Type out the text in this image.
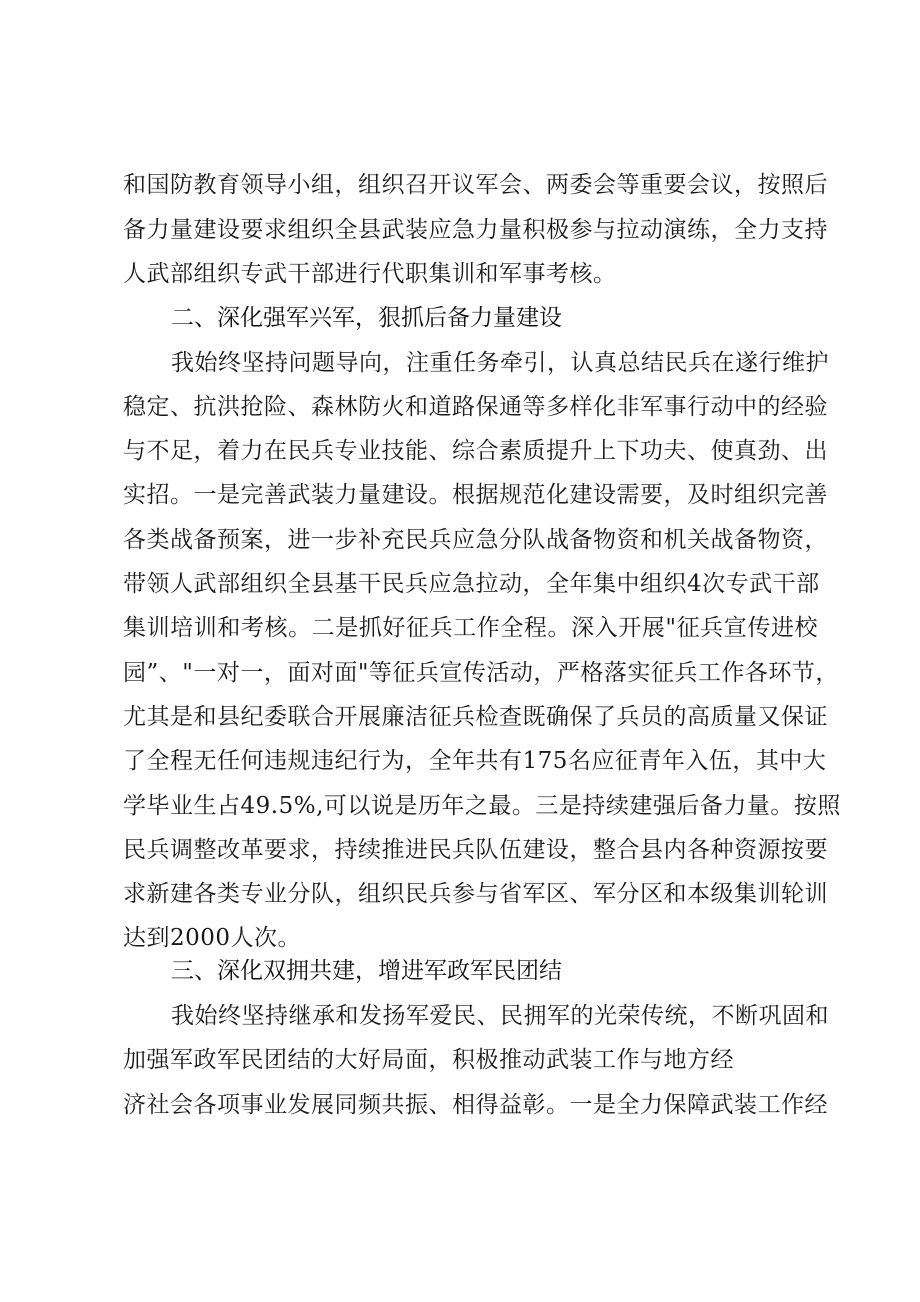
和国防教育领导小组，组织召开议军会、两委会等重要会议，按照后
备力量建设要求组织全县武装应急力量积极参与拉动演练，全力支持
人武部组织专武干部进行代职集训和军事考核。
二、深化强军兴军，狠抓后备力量建设
我始终坚持问题导向，注重任务牵引，认真总结民兵在遂行维护
稳定、抗洪抢险、森林防火和道路保通等多样化非军事行动中的经验
与不足，着力在民兵专业技能、综合素质提升上下功夫、使真劲、出
实招。一是完善武装力量建设。根据规范化建设需要，及时组织完善
各类战备预案，进一步补充民兵应急分队战备物资和机关战备物资，
带领人武部组织全县基干民兵应急拉动，全年集中组织4次专武干部
集训培训和考核。二是抓好征兵工作全程。深入开展"征兵宣传进校
园”、"一对一，面对面"等征兵宣传活动，严格落实征兵工作各环节，
尤其是和县纪委联合开展廉洁征兵检查既确保了兵员的高质量又保证
了全程无任何违规违纪行为，全年共有175名应征青年入伍，其中大
学毕业生占49.5%,可以说是历年之最。三是持续建强后备力量。按照
民兵调整改革要求，持续推进民兵队伍建设，整合县内各种资源按要
求新建各类专业分队，组织民兵参与省军区、军分区和本级集训轮训
达到2000人次。
三、深化双拥共建，增进军政军民团结
我始终坚持继承和发扬军爱民、民拥军的光荣传统，不断巩固和
加强军政军民团结的大好局面，积极推动武装工作与地方经
济社会各项事业发展同频共振、相得益彰。一是全力保障武装工作经
